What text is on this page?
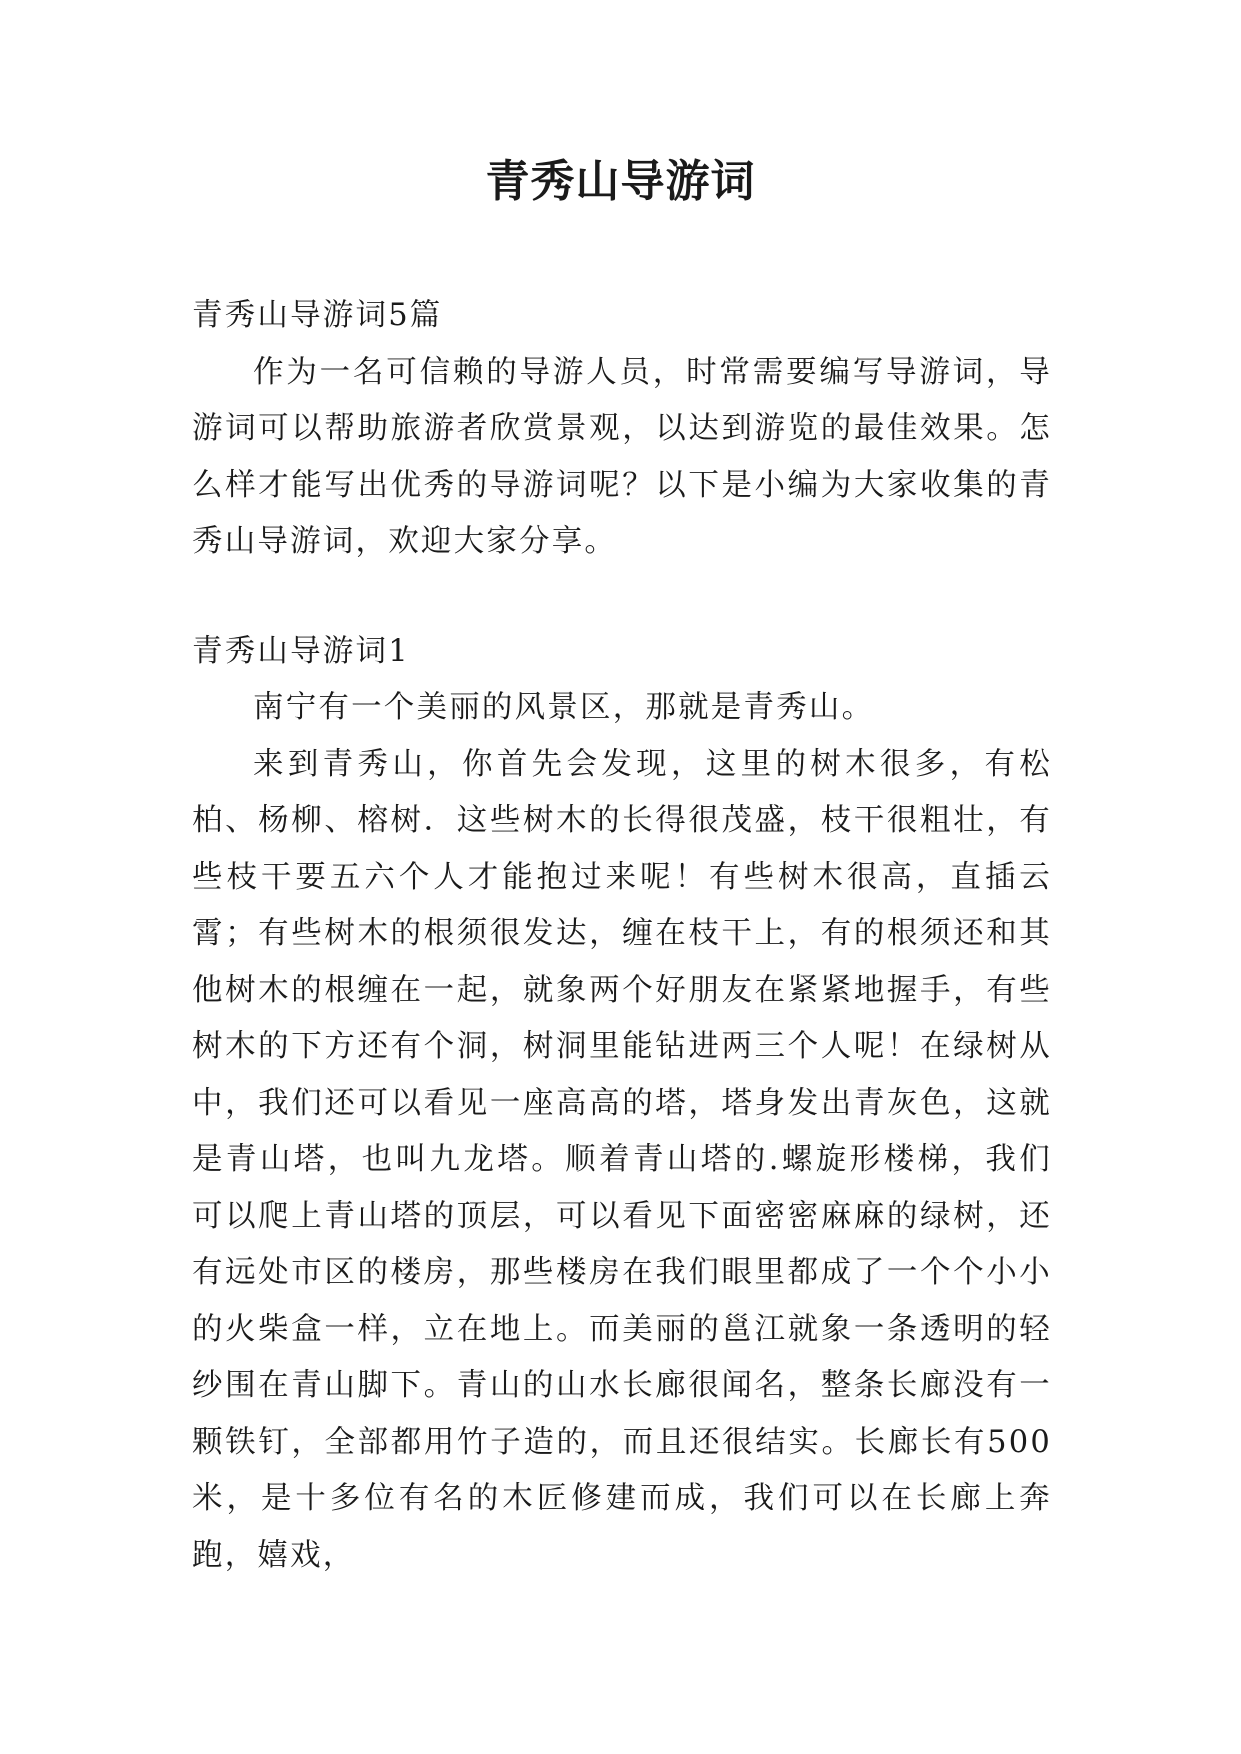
青秀山导游词

青秀山导游词5篇

作为一名可信赖的导游人员，时常需要编写导游词，导游词可以帮助旅游者欣赏景观，以达到游览的最佳效果。怎么样才能写出优秀的导游词呢？以下是小编为大家收集的青秀山导游词，欢迎大家分享。

青秀山导游词1

南宁有一个美丽的风景区，那就是青秀山。

来到青秀山，你首先会发现，这里的树木很多，有松柏、杨柳、榕树．这些树木的长得很茂盛，枝干很粗壮，有些枝干要五六个人才能抱过来呢！有些树木很高，直插云霄；有些树木的根须很发达，缠在枝干上，有的根须还和其他树木的根缠在一起，就象两个好朋友在紧紧地握手，有些树木的下方还有个洞，树洞里能钻进两三个人呢！在绿树从中，我们还可以看见一座高高的塔，塔身发出青灰色，这就是青山塔，也叫九龙塔。顺着青山塔的.螺旋形楼梯，我们可以爬上青山塔的顶层，可以看见下面密密麻麻的绿树，还有远处市区的楼房，那些楼房在我们眼里都成了一个个小小的火柴盒一样，立在地上。而美丽的邕江就象一条透明的轻纱围在青山脚下。青山的山水长廊很闻名，整条长廊没有一颗铁钉，全部都用竹子造的，而且还很结实。长廊长有500米，是十多位有名的木匠修建而成，我们可以在长廊上奔跑，嬉戏，
